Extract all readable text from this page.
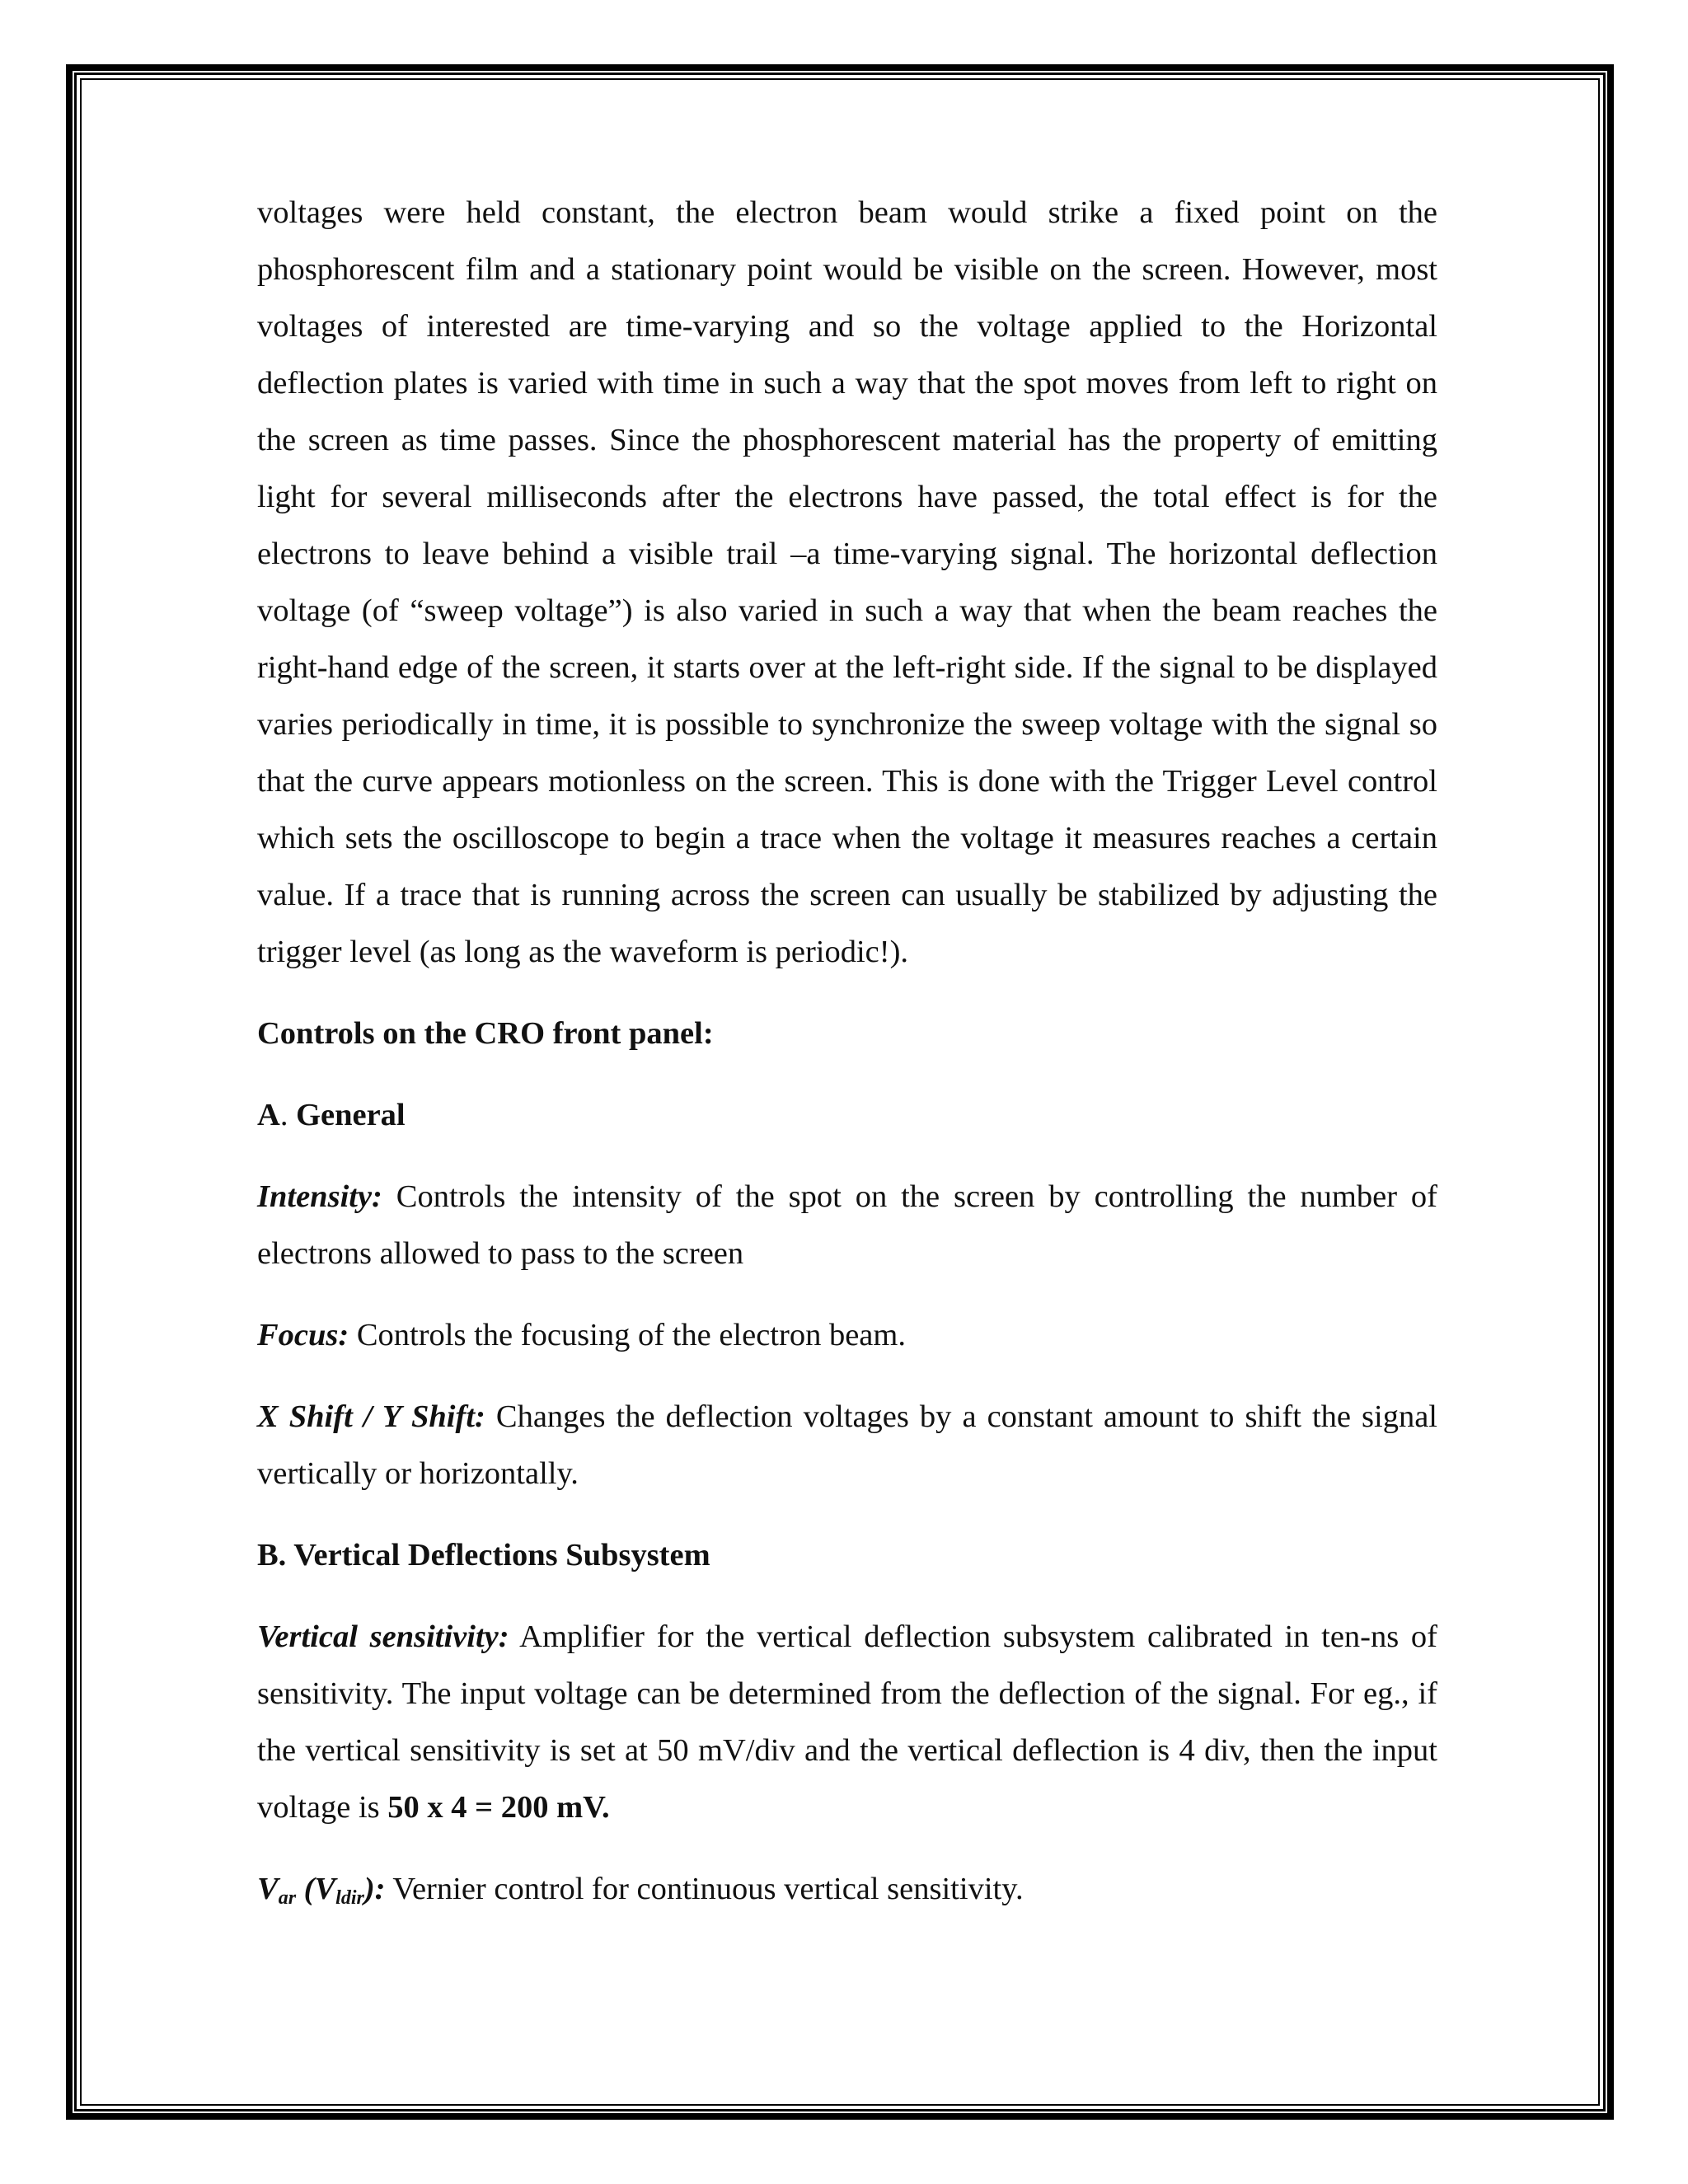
voltages were held constant, the electron beam would strike a fixed point on the phosphorescent film and a stationary point would be visible on the screen. However, most voltages of interested are time-varying and so the voltage applied to the Horizontal deflection plates is varied with time in such a way that the spot moves from left to right on the screen as time passes. Since the phosphorescent material has the property of emitting light for several milliseconds after the electrons have passed, the total effect is for the electrons to leave behind a visible trail –a time-varying signal. The horizontal deflection voltage (of “sweep voltage”) is also varied in such a way that when the beam reaches the right-hand edge of the screen, it starts over at the left-right side. If the signal to be displayed varies periodically in time, it is possible to synchronize the sweep voltage with the signal so that the curve appears motionless on the screen. This is done with the Trigger Level control which sets the oscilloscope to begin a trace when the voltage it measures reaches a certain value. If a trace that is running across the screen can usually be stabilized by adjusting the trigger level (as long as the waveform is periodic!).

Controls on the CRO front panel:

A. General

Intensity: Controls the intensity of the spot on the screen by controlling the number of electrons allowed to pass to the screen

Focus: Controls the focusing of the electron beam.

X Shift / Y Shift: Changes the deflection voltages by a constant amount to shift the signal vertically or horizontally.

B. Vertical Deflections Subsystem

Vertical sensitivity: Amplifier for the vertical deflection subsystem calibrated in ten-ns of sensitivity. The input voltage can be determined from the deflection of the signal. For eg., if the vertical sensitivity is set at 50 mV/div and the vertical deflection is 4 div, then the input voltage is 50 x 4 = 200 mV.

$V_{ar}$ $(V_{ldir})$: Vernier control for continuous vertical sensitivity.
